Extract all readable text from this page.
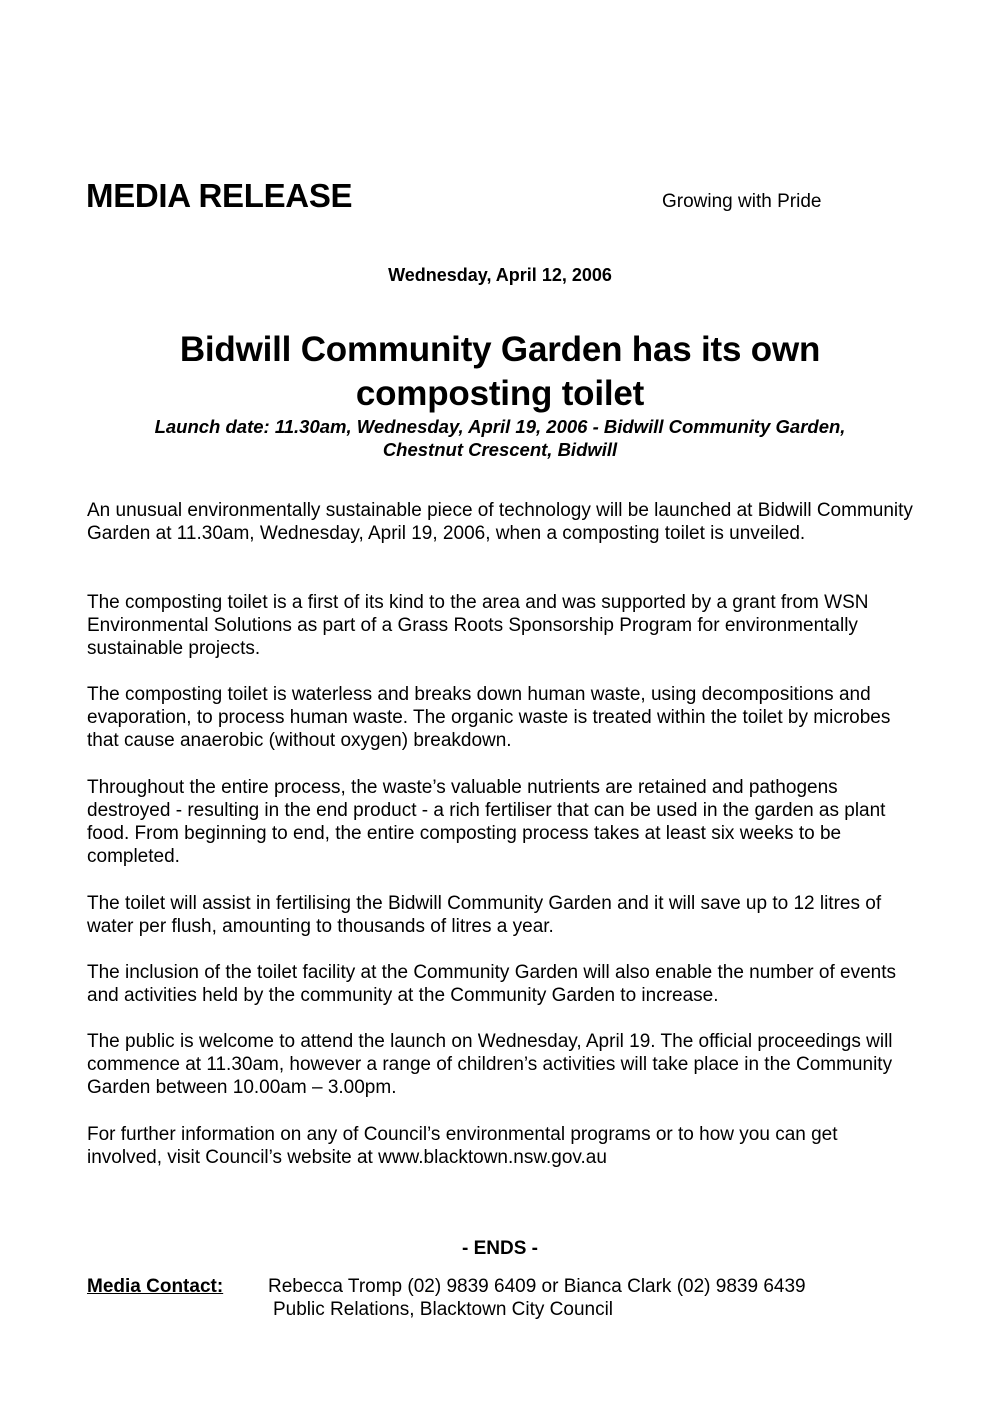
MEDIA RELEASE	Growing with Pride
Wednesday, April 12, 2006
Bidwill Community Garden has its own
composting toilet
Launch date: 11.30am, Wednesday, April 19, 2006 - Bidwill Community Garden,
Chestnut Crescent, Bidwill
An unusual environmentally sustainable piece of technology will be launched at Bidwill Community Garden at 11.30am, Wednesday, April 19, 2006, when a composting toilet is unveiled.
The composting toilet is a first of its kind to the area and was supported by a grant from WSN Environmental Solutions as part of a Grass Roots Sponsorship Program for environmentally sustainable projects.
The composting toilet is waterless and breaks down human waste, using decompositions and evaporation, to process human waste. The organic waste is treated within the toilet by microbes that cause anaerobic (without oxygen) breakdown.
Throughout the entire process, the waste’s valuable nutrients are retained and pathogens destroyed - resulting in the end product - a rich fertiliser that can be used in the garden as plant food. From beginning to end, the entire composting process takes at least six weeks to be completed.
The toilet will assist in fertilising the Bidwill Community Garden and it will save up to 12 litres of water per flush, amounting to thousands of litres a year.
The inclusion of the toilet facility at the Community Garden will also enable the number of events and activities held by the community at the Community Garden to increase.
The public is welcome to attend the launch on Wednesday, April 19. The official proceedings will commence at 11.30am, however a range of children’s activities will take place in the Community Garden between 10.00am – 3.00pm.
For further information on any of Council’s environmental programs or to how you can get involved, visit Council’s website at www.blacktown.nsw.gov.au
- ENDS -
Media Contact: Rebecca Tromp (02) 9839 6409 or Bianca Clark (02) 9839 6439
Public Relations, Blacktown City Council
